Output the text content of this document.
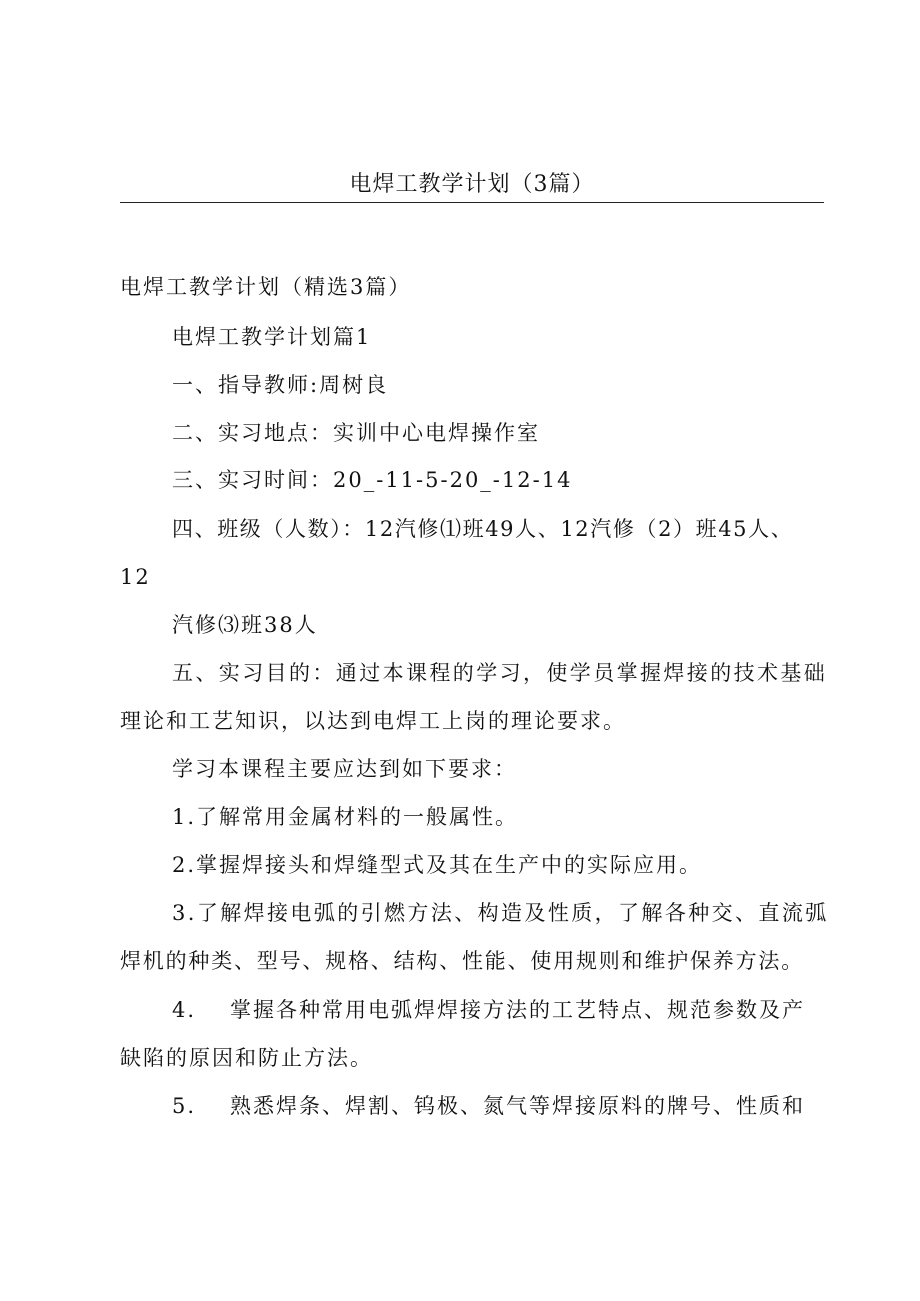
电焊工教学计划（3篇）
电焊工教学计划（精选3篇）
电焊工教学计划篇1
一、指导教师:周树良
二、实习地点：实训中心电焊操作室
三、实习时间：20_-11-5-20_-12-14
四、班级（人数）：12汽修⑴班49人、12汽修（2）班45人、
12
汽修⑶班38人
五、实习目的：通过本课程的学习，使学员掌握焊接的技术基础
理论和工艺知识，以达到电焊工上岗的理论要求。
学习本课程主要应达到如下要求：
1.了解常用金属材料的一般属性。
2.掌握焊接头和焊缝型式及其在生产中的实际应用。
3.了解焊接电弧的引燃方法、构造及性质，了解各种交、直流弧
焊机的种类、型号、规格、结构、性能、使用规则和维护保养方法。
4. 掌握各种常用电弧焊焊接方法的工艺特点、规范参数及产
缺陷的原因和防止方法。
5. 熟悉焊条、焊割、钨极、氮气等焊接原料的牌号、性质和
